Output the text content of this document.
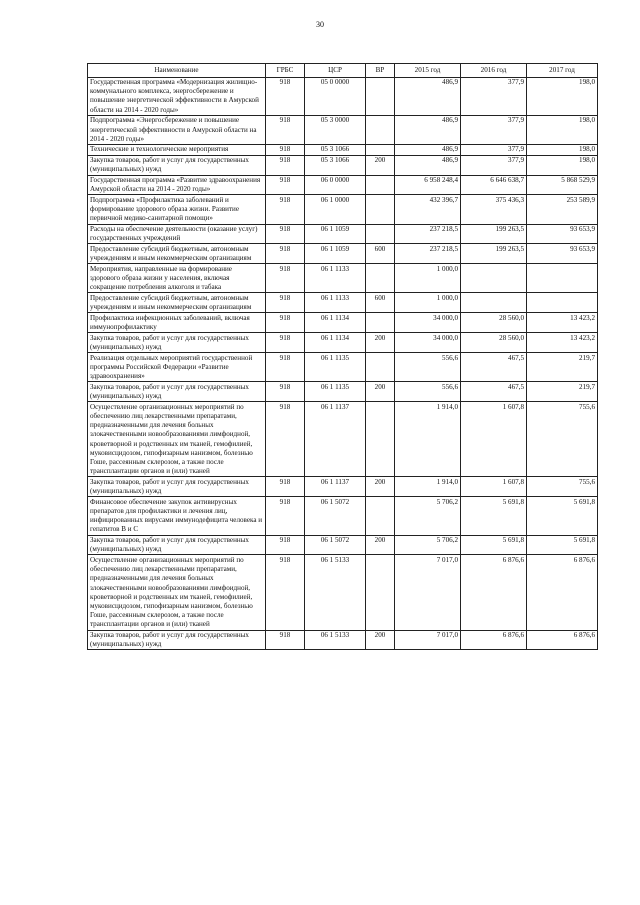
30
Наименование	ГРБС	ЦСР	ВР	2015 год	2016 год	2017 год
Государственная программа «Модернизация жилищно-коммунального комплекса, энергосбережение и повышение энергетической эффективности в Амурской области на 2014 - 2020 годы»	918	05 0 0000		486,9	377,9	198,0
Подпрограмма «Энергосбережение и повышение энергетической эффективности в Амурской области на 2014 - 2020 годы»	918	05 3 0000		486,9	377,9	198,0
Технические и технологические мероприятия	918	05 3 1066		486,9	377,9	198,0
Закупка товаров, работ и услуг для государственных (муниципальных) нужд	918	05 3 1066	200	486,9	377,9	198,0
Государственная программа «Развитие здравоохранения Амурской области на 2014 - 2020 годы»	918	06 0 0000		6 958 248,4	6 646 638,7	5 868 529,9
Подпрограмма «Профилактика заболеваний и формирование здорового образа жизни. Развитие первичной медико-санитарной помощи»	918	06 1 0000		432 396,7	375 436,3	253 589,9
Расходы на обеспечение деятельности (оказание услуг) государственных учреждений	918	06 1 1059		237 218,5	199 263,5	93 653,9
Предоставление субсидий бюджетным, автономным учреждениям и иным некоммерческим организациям	918	06 1 1059	600	237 218,5	199 263,5	93 653,9
Мероприятия, направленные на формирование здорового образа жизни у населения, включая сокращение потребления алкоголя и табака	918	06 1 1133		1 000,0		
Предоставление субсидий бюджетным, автономным учреждениям и иным некоммерческим организациям	918	06 1 1133	600	1 000,0		
Профилактика инфекционных заболеваний, включая иммунопрофилактику	918	06 1 1134		34 000,0	28 560,0	13 423,2
Закупка товаров, работ и услуг для государственных (муниципальных) нужд	918	06 1 1134	200	34 000,0	28 560,0	13 423,2
Реализация отдельных мероприятий государственной программы Российской Федерации «Развитие здравоохранения»	918	06 1 1135		556,6	467,5	219,7
Закупка товаров, работ и услуг для государственных (муниципальных) нужд	918	06 1 1135	200	556,6	467,5	219,7
Осуществление организационных мероприятий по обеспечению лиц лекарственными препаратами, предназначенными для лечения больных злокачественными новообразованиями лимфоидной, кроветворной и родственных им тканей, гемофилией, муковисцидозом, гипофизарным нанизмом, болезнью Гоше, рассеянным склерозом, а также после трансплантации органов и (или) тканей	918	06 1 1137		1 914,0	1 607,8	755,6
Закупка товаров, работ и услуг для государственных (муниципальных) нужд	918	06 1 1137	200	1 914,0	1 607,8	755,6
Финансовое обеспечение закупок антивирусных препаратов для профилактики и лечения лиц, инфицированных вирусами иммунодефицита человека и гепатитов В и С	918	06 1 5072		5 706,2	5 691,8	5 691,8
Закупка товаров, работ и услуг для государственных (муниципальных) нужд	918	06 1 5072	200	5 706,2	5 691,8	5 691,8
Осуществление организационных мероприятий по обеспечению лиц лекарственными препаратами, предназначенными для лечения больных злокачественными новообразованиями лимфоидной, кроветворной и родственных им тканей, гемофилией, муковисцидозом, гипофизарным нанизмом, болезнью Гоше, рассеянным склерозом, а также после трансплантации органов и (или) тканей	918	06 1 5133		7 017,0	6 876,6	6 876,6
Закупка товаров, работ и услуг для государственных (муниципальных) нужд	918	06 1 5133	200	7 017,0	6 876,6	6 876,6
